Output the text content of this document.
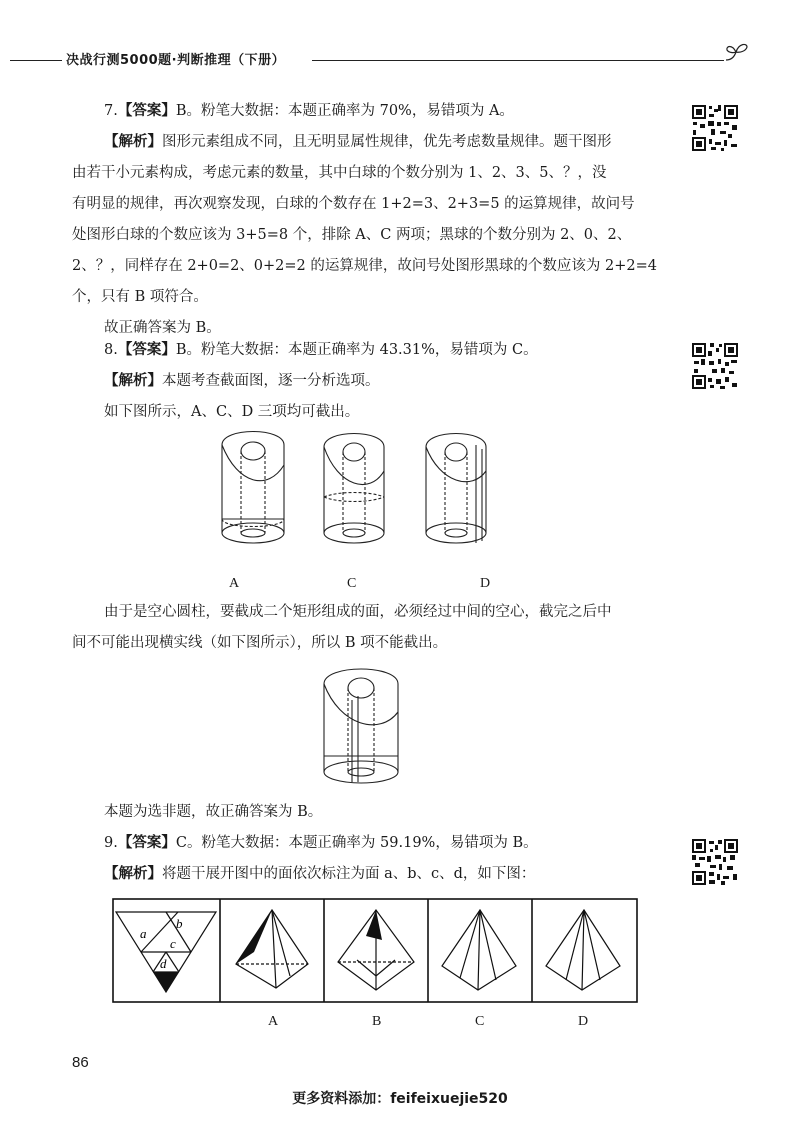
决战行测5000题·判断推理（下册）
7.【答案】B。粉笔大数据：本题正确率为 70%，易错项为 A。
【解析】图形元素组成不同，且无明显属性规律，优先考虑数量规律。题干图形
由若干小元素构成，考虑元素的数量，其中白球的个数分别为 1、2、3、5、？，没
有明显的规律，再次观察发现，白球的个数存在 1+2=3、2+3=5 的运算规律，故问号
处图形白球的个数应该为 3+5=8 个，排除 A、C 两项；黑球的个数分别为 2、0、2、
2、？，同样存在 2+0=2、0+2=2 的运算规律，故问号处图形黑球的个数应该为 2+2=4
个，只有 B 项符合。
故正确答案为 B。
8.【答案】B。粉笔大数据：本题正确率为 43.31%，易错项为 C。
【解析】本题考查截面图，逐一分析选项。
如下图所示，A、C、D 三项均可截出。
A	C	D
由于是空心圆柱，要截成二个矩形组成的面，必须经过中间的空心，截完之后中
间不可能出现横实线（如下图所示），所以 B 项不能截出。
本题为选非题，故正确答案为 B。
9.【答案】C。粉笔大数据：本题正确率为 59.19%，易错项为 B。
【解析】将题干展开图中的面依次标注为面 a、b、c、d，如下图：
a
b
c
d
A	B	C	D
86
更多资料添加：feifeixuejie520
